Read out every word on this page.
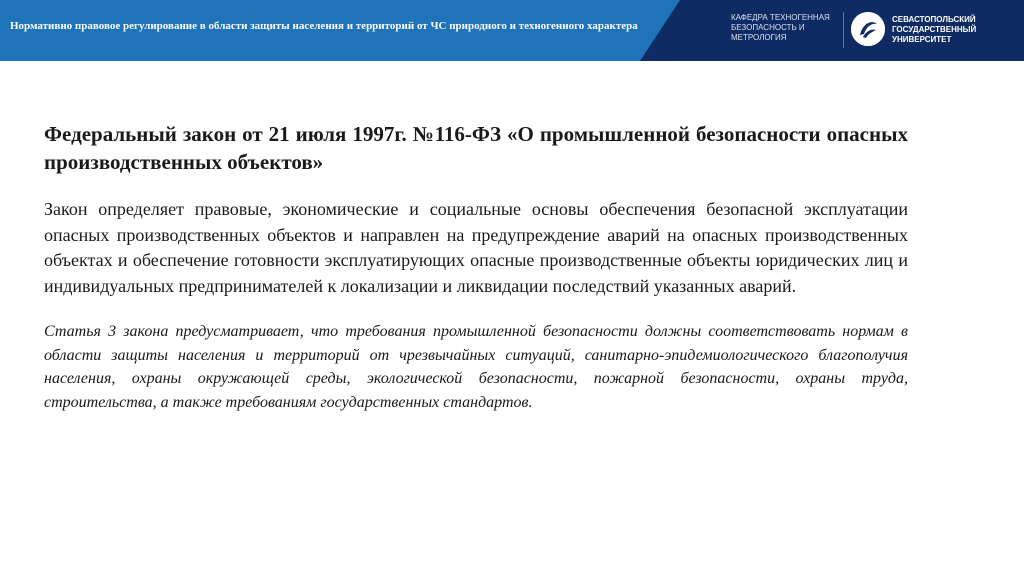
Нормативно правовое регулирование в области защиты населения и территорий от ЧС природного и техногенного характера
КАФЕДРА ТЕХНОГЕННАЯ
БЕЗОПАСНОСТЬ И
МЕТРОЛОГИЯ
СЕВАСТОПОЛЬСКИЙ
ГОСУДАРСТВЕННЫЙ
УНИВЕРСИТЕТ
Федеральный закон от 21 июля 1997г. №116-ФЗ «О промышленной безопасности опасных производственных объектов»

Закон определяет правовые, экономические и социальные основы обеспечения безопасной эксплуатации опасных производственных объектов и направлен на предупреждение аварий на опасных производственных объектах и обеспечение готовности эксплуатирующих опасные производственные объекты юридических лиц и индивидуальных предпринимателей к локализации и ликвидации последствий указанных аварий.

Статья 3 закона предусматривает, что требования промышленной безопасности должны соответствовать нормам в области защиты населения и территорий от чрезвычайных ситуаций, санитарно-эпидемиологического благополучия населения, охраны окружающей среды, экологической безопасности, пожарной безопасности, охраны труда, строительства, а также требованиям государственных стандартов.
